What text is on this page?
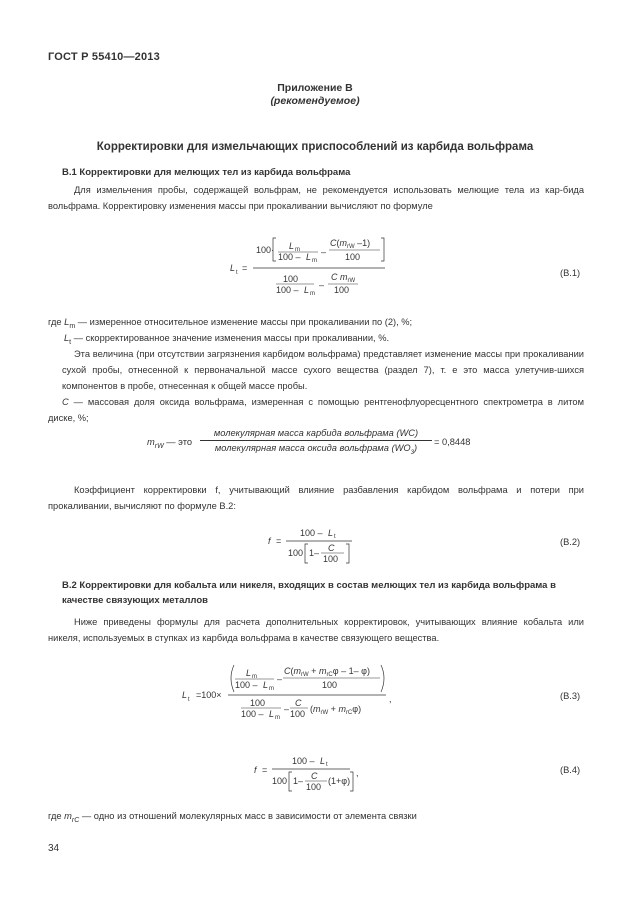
ГОСТ Р 55410—2013
Приложение В
(рекомендуемое)
Корректировки для измельчающих приспособлений из карбида вольфрама
В.1 Корректировки для мелющих тел из карбида вольфрама
Для измельчения пробы, содержащей вольфрам, не рекомендуется использовать мелющие тела из кар-бида вольфрама. Корректировку изменения массы при прокаливании вычисляют по формуле
L t =
100· L m
100 – L m
–
$C(m_{rW}$ –1)
100
100
100 – L m
–
C $m_{rW}$
100
(В.1)
где $L_m$ — измеренное относительное изменение массы при прокаливании по (2), %;
$L_t$ — скорректированное значение изменения массы при прокаливании, %.
Эта величина (при отсутствии загрязнения карбидом вольфрама) представляет изменение массы при прокаливании сухой пробы, отнесенной к первоначальной массе сухого вещества (раздел 7), т. е это масса улетучив-шихся компонентов в пробе, отнесенная к общей массе пробы.
C — массовая доля оксида вольфрама, измеренная с помощью рентгенофлуоресцентного спектрометра в литом диске, %;
$m_{rW}$ — это
молекулярная масса карбида вольфрама (WC)
молекулярная масса оксида вольфрама $(WO_3)$
= 0,8448
Коэффициент корректировки f, учитывающий влияние разбавления карбидом вольфрама и потери при прокаливании, вычисляют по формуле В.2:
f =
100 – L t
100 1– C
100
(В.2)
В.2 Корректировки для кобальта или никеля, входящих в состав мелющих тел из карбида вольфрама в качестве связующих металлов
Ниже приведены формулы для расчета дополнительных корректировок, учитывающих влияние кобальта или никеля, используемых в ступках из карбида вольфрама в качестве связующего вещества.
L t =100×
L m
100 – L m
–
$C(m_{rW} + m_{rC}\varphi - 1-$ φ)
100
100
100 – L m
–
C
100 $(m_{rW} + m_{rC}\varphi)$
,	(В.3)
f =
100 – L t
100 1– C
100
(1+φ)
,	(В.4)
где $m_{rC}$ — одно из отношений молекулярных масс в зависимости от элемента связки
34
